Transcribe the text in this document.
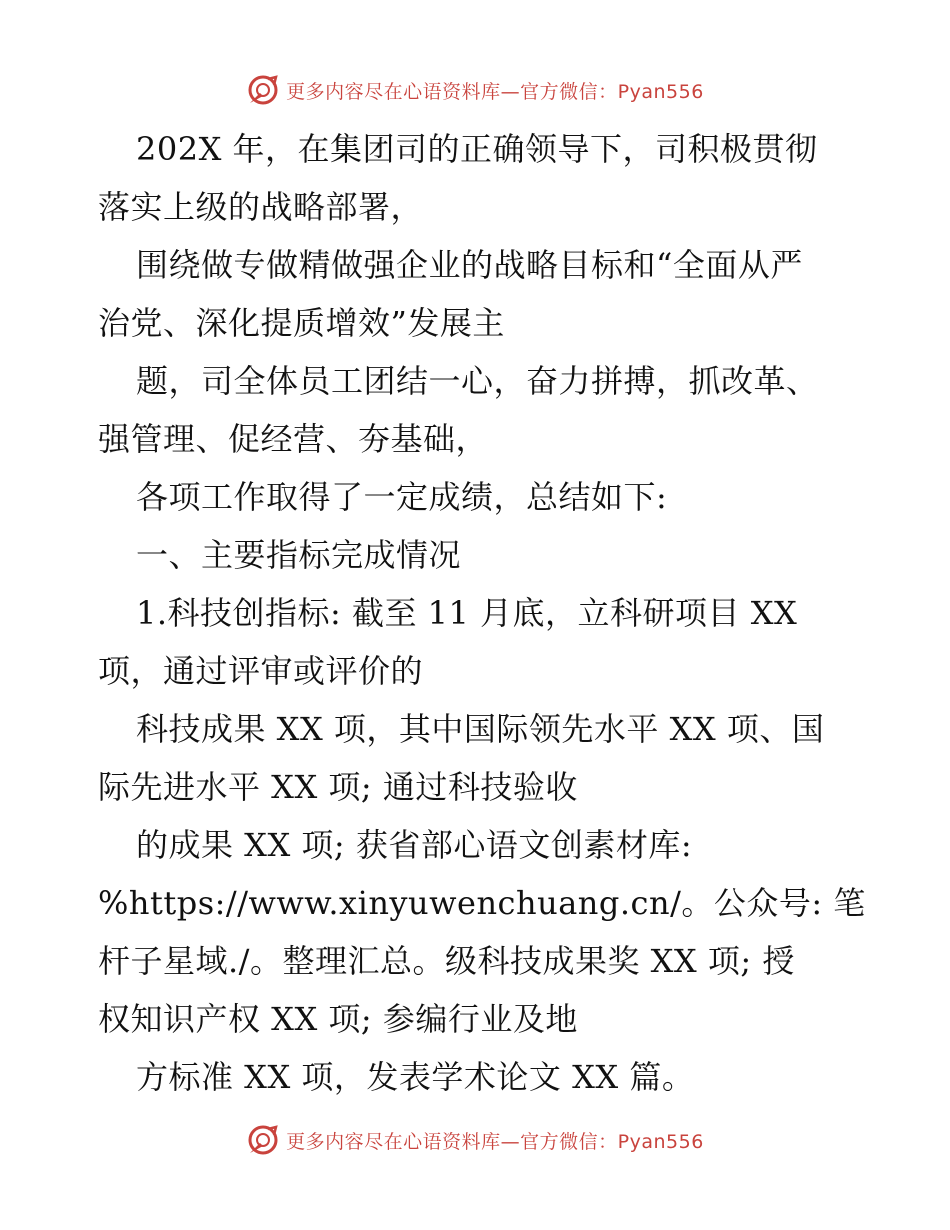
更多内容尽在心语资料库—官方微信：Pyan556
202X 年，在集团司的正确领导下，司积极贯彻
落实上级的战略部署，
围绕做专做精做强企业的战略目标和“全面从严
治党、深化提质增效”发展主
题，司全体员工团结一心，奋力拼搏，抓改革、
强管理、促经营、夯基础，
各项工作取得了一定成绩，总结如下:
一、主要指标完成情况
1.科技创指标: 截至 11 月底，立科研项目 XX
项，通过评审或评价的
科技成果 XX 项，其中国际领先水平 XX 项、国
际先进水平 XX 项; 通过科技验收
的成果 XX 项; 获省部心语文创素材库:
%https://www.xinyuwenchuang.cn/。公众号: 笔
杆子星域./。整理汇总。级科技成果奖 XX 项; 授
权知识产权 XX 项; 参编行业及地
方标准 XX 项，发表学术论文 XX 篇。
更多内容尽在心语资料库—官方微信：Pyan556
